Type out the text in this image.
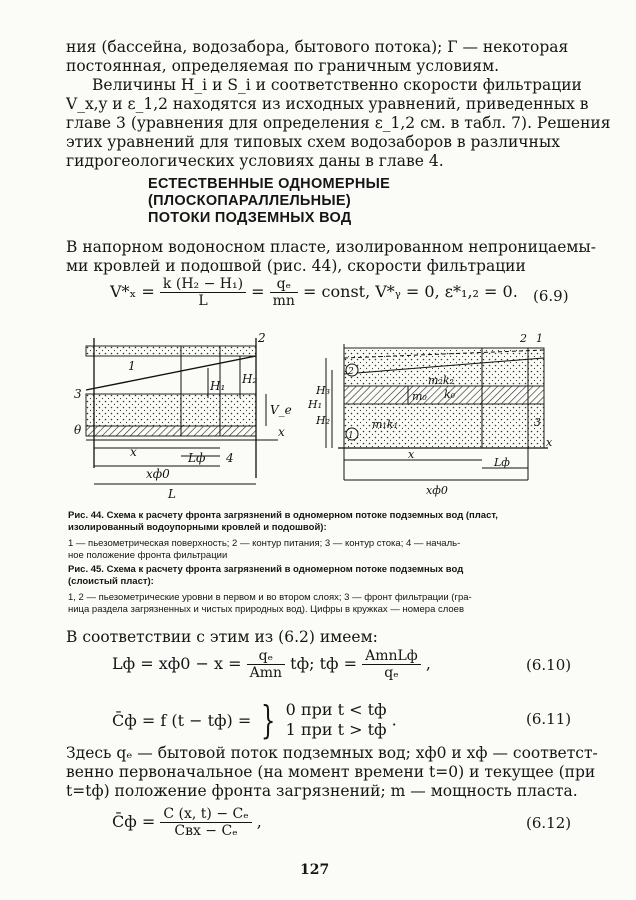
ния (бассейна, водозабора, бытового потока); Г — некоторая
постоянная, определяемая по граничным условиям.
Величины H_i и S_i и соответственно скорости фильтрации
V_x,y и ε_1,2 находятся из исходных уравнений, приведенных в
главе 3 (уравнения для определения ε_1,2 см. в табл. 7). Решения
этих уравнений для типовых схем водозаборов в различных
гидрогеологических условиях даны в главе 4.
ЕСТЕСТВЕННЫЕ ОДНОМЕРНЫЕ
(ПЛОСКОПАРАЛЛЕЛЬНЫЕ)
ПОТОКИ ПОДЗЕМНЫХ ВОД
В напорном водоносном пласте, изолированном непроницаемы-
ми кровлей и подошвой (рис. 44), скорости фильтрации
$V*_x = \frac{\text{k (H₂ − H₁)}}{L} = \frac{\text{qₑ}}{mn}$ = const, V*ᵧ = 0, ε*₁,₂ = 0. (6.9)
2
1
3
θ
H₁ H₂
V_e
x
x	Lф 4
xф0
L
2
1
2 1
3
m₂k₂
m₀ k₀
m₁k₁
H₁
H₂
H₃
x
x
Lф
xф0
Рис. 44. Схема к расчету фронта загрязнений в одномерном потоке подземных вод (пласт,
изолированный водоупорными кровлей и подошвой):
1 — пьезометрическая поверхность; 2 — контур питания; 3 — контур стока; 4 — началь-
ное положение фронта фильтрации
Рис. 45. Схема к расчету фронта загрязнений в одномерном потоке подземных вод
(слоистый пласт):
1, 2 — пьезометрические уровни в первом и во втором слоях; 3 — фронт фильтрации (гра-
ница раздела загрязненных и чистых природных вод). Цифры в кружках — номера слоев
В соответствии с этим из (6.2) имеем:
Lф = $xф0 - x = \frac{\text{qₑ}}{\text{Amn}}$ tф; tф = $\frac{\text{AmnLф}}{\text{qₑ}}$ ,	(6.10)
C̄ф = f (t − tф) = } 0 при t < tф
1 при t > tф .	(6.11)
Здесь qₑ — бытовой поток подземных вод; xф0 и xф — соответст-
венно первоначальное (на момент времени t=0) и текущее (при
t=tф) положение фронта загрязнений; m — мощность пласта.
C̄ф = $\frac{\text{C (x, t) − Cₑ}}{\text{Cвх − Cₑ}}$ ,	(6.12)
127
